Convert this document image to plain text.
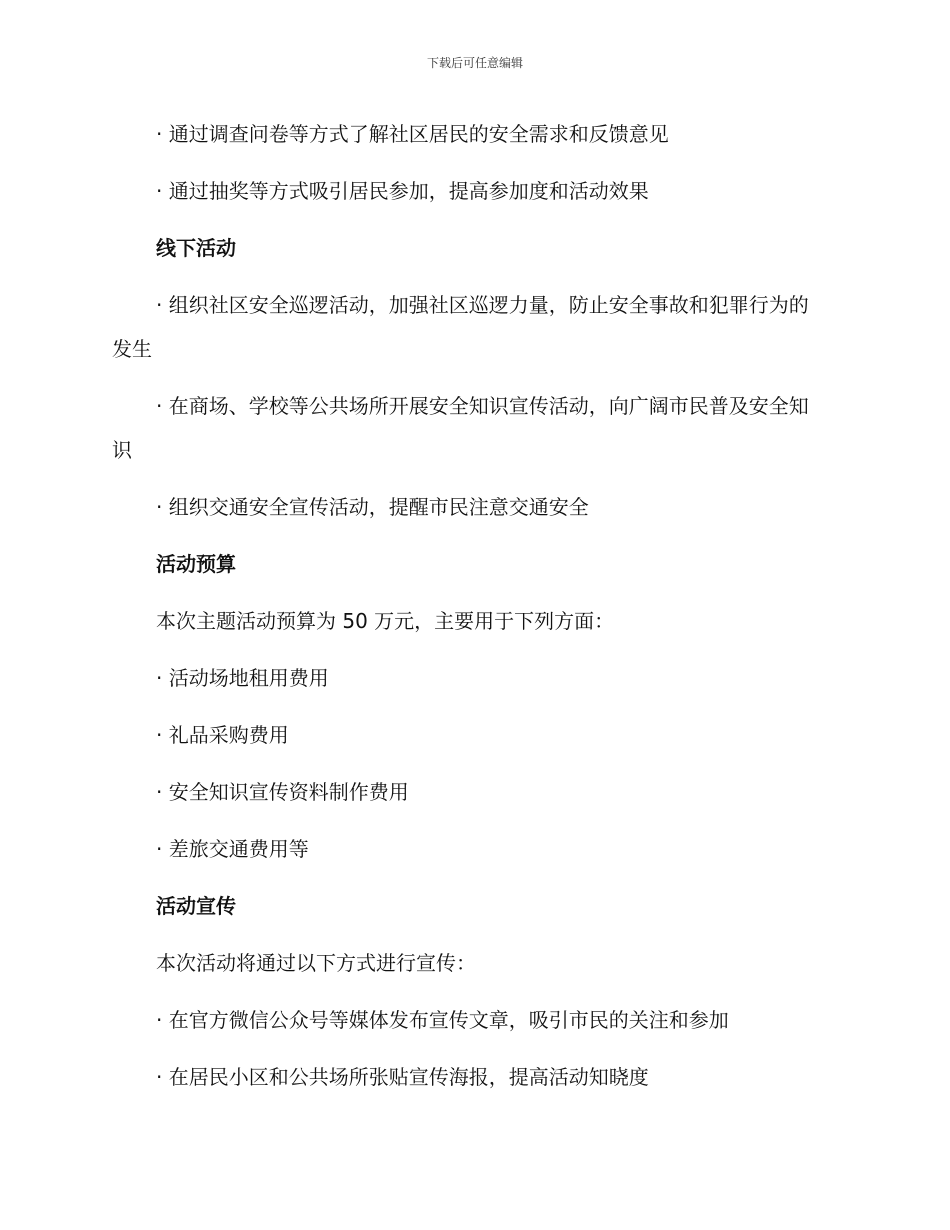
下载后可任意编辑

· 通过调查问卷等方式了解社区居民的安全需求和反馈意见

· 通过抽奖等方式吸引居民参加，提高参加度和活动效果

线下活动

· 组织社区安全巡逻活动，加强社区巡逻力量，防止安全事故和犯罪行为的发生

· 在商场、学校等公共场所开展安全知识宣传活动，向广阔市民普及安全知识

· 组织交通安全宣传活动，提醒市民注意交通安全

活动预算

本次主题活动预算为 50 万元，主要用于下列方面：

· 活动场地租用费用

· 礼品采购费用

· 安全知识宣传资料制作费用

· 差旅交通费用等

活动宣传

本次活动将通过以下方式进行宣传：

· 在官方微信公众号等媒体发布宣传文章，吸引市民的关注和参加

· 在居民小区和公共场所张贴宣传海报，提高活动知晓度
